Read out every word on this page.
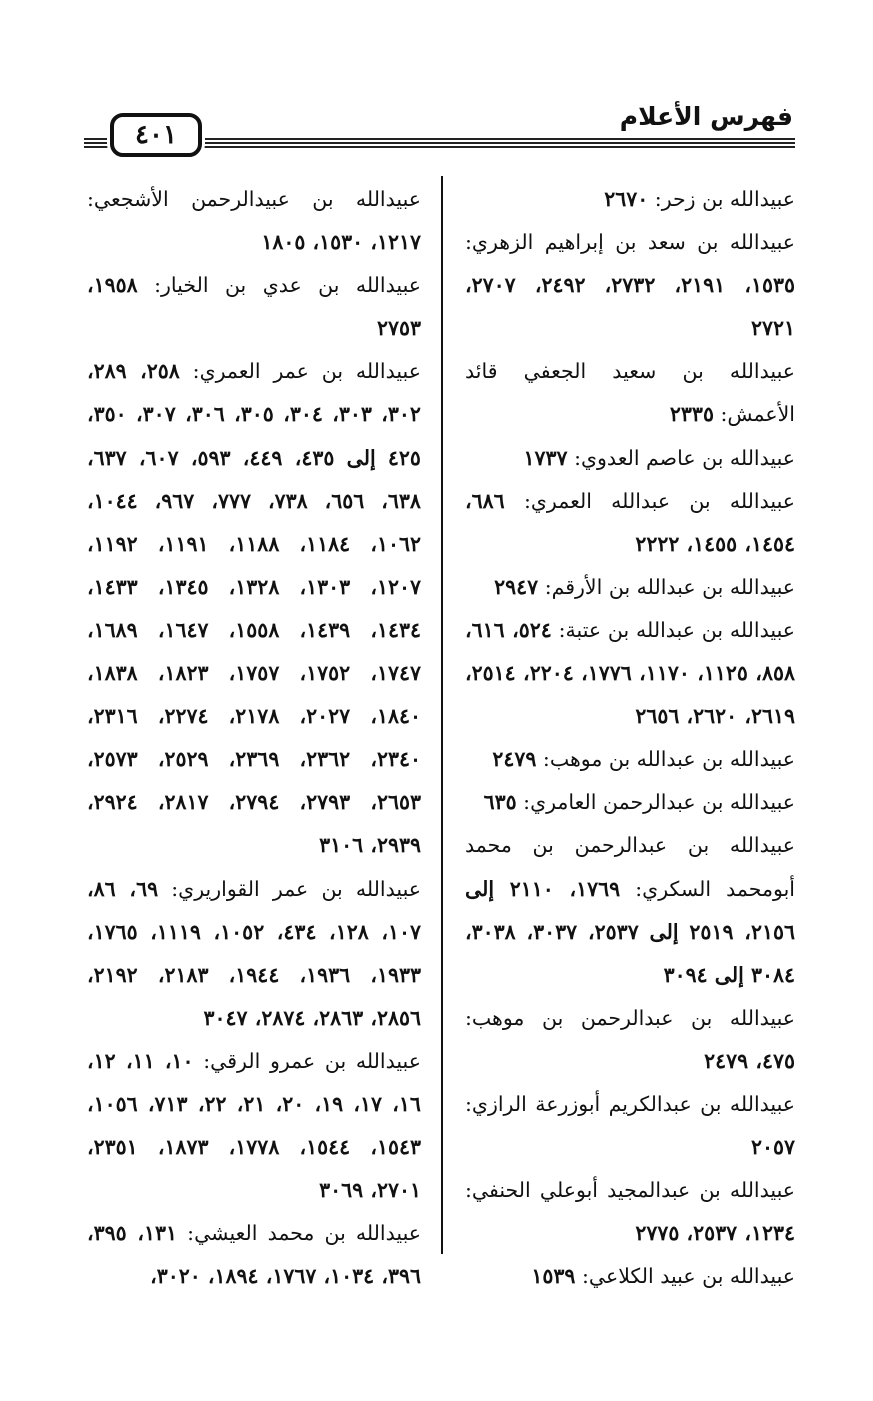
فهرس الأعلام
٤٠١

عبيدالله بن زحر: ٢٦٧٠

عبيدالله بن سعد بن إبراهيم الزهري: ١٥٣٥، ٢١٩١، ٢٧٣٢، ٢٤٩٢، ٢٧٠٧، ٢٧٢١

عبيدالله بن سعيد الجعفي قائد الأعمش: ٢٣٣٥

عبيدالله بن عاصم العدوي: ١٧٣٧

عبيدالله بن عبدالله العمري: ٦٨٦، ١٤٥٤، ١٤٥٥، ٢٢٢٢

عبيدالله بن عبدالله بن الأرقم: ٢٩٤٧

عبيدالله بن عبدالله بن عتبة: ٥٢٤، ٦١٦، ٨٥٨، ١١٢٥، ١١٧٠، ١٧٧٦، ٢٢٠٤، ٢٥١٤، ٢٦١٩، ٢٦٢٠، ٢٦٥٦

عبيدالله بن عبدالله بن موهب: ٢٤٧٩

عبيدالله بن عبدالرحمن العامري: ٦٣٥

عبيدالله بن عبدالرحمن بن محمد أبومحمد السكري: ١٧٦٩، ٢١١٠ إلى ٢١٥٦، ٢٥١٩ إلى ٢٥٣٧، ٣٠٣٧، ٣٠٣٨، ٣٠٨٤ إلى ٣٠٩٤

عبيدالله بن عبدالرحمن بن موهب: ٤٧٥، ٢٤٧٩

عبيدالله بن عبدالكريم أبوزرعة الرازي: ٢٠٥٧

عبيدالله بن عبدالمجيد أبوعلي الحنفي: ١٢٣٤، ٢٥٣٧، ٢٧٧٥

عبيدالله بن عبيد الكلاعي: ١٥٣٩

عبيدالله بن عبيدالرحمن الأشجعي: ١٢١٧، ١٥٣٠، ١٨٠٥

عبيدالله بن عدي بن الخيار: ١٩٥٨، ٢٧٥٣

عبيدالله بن عمر العمري: ٢٥٨، ٢٨٩، ٣٠٢، ٣٠٣، ٣٠٤، ٣٠٥، ٣٠٦، ٣٠٧، ٣٥٠، ٤٢٥ إلى ٤٣٥، ٤٤٩، ٥٩٣، ٦٠٧، ٦٣٧، ٦٣٨، ٦٥٦، ٧٣٨، ٧٧٧، ٩٦٧، ١٠٤٤، ١٠٦٢، ١١٨٤، ١١٨٨، ١١٩١، ١١٩٢، ١٢٠٧، ١٣٠٣، ١٣٢٨، ١٣٤٥، ١٤٣٣، ١٤٣٤، ١٤٣٩، ١٥٥٨، ١٦٤٧، ١٦٨٩، ١٧٤٧، ١٧٥٢، ١٧٥٧، ١٨٢٣، ١٨٣٨، ١٨٤٠، ٢٠٢٧، ٢١٧٨، ٢٢٧٤، ٢٣١٦، ٢٣٤٠، ٢٣٦٢، ٢٣٦٩، ٢٥٢٩، ٢٥٧٣، ٢٦٥٣، ٢٧٩٣، ٢٧٩٤، ٢٨١٧، ٢٩٢٤، ٢٩٣٩، ٣١٠٦

عبيدالله بن عمر القواريري: ٦٩، ٨٦، ١٠٧، ١٢٨، ٤٣٤، ١٠٥٢، ١١١٩، ١٧٦٥، ١٩٣٣، ١٩٣٦، ١٩٤٤، ٢١٨٣، ٢١٩٢، ٢٨٥٦، ٢٨٦٣، ٢٨٧٤، ٣٠٤٧

عبيدالله بن عمرو الرقي: ١٠، ١١، ١٢، ١٦، ١٧، ١٩، ٢٠، ٢١، ٢٢، ٧١٣، ١٠٥٦، ١٥٤٣، ١٥٤٤، ١٧٧٨، ١٨٧٣، ٢٣٥١، ٢٧٠١، ٣٠٦٩

عبيدالله بن محمد العيشي: ١٣١، ٣٩٥، ٣٩٦، ١٠٣٤، ١٧٦٧، ١٨٩٤، ٣٠٢٠،
